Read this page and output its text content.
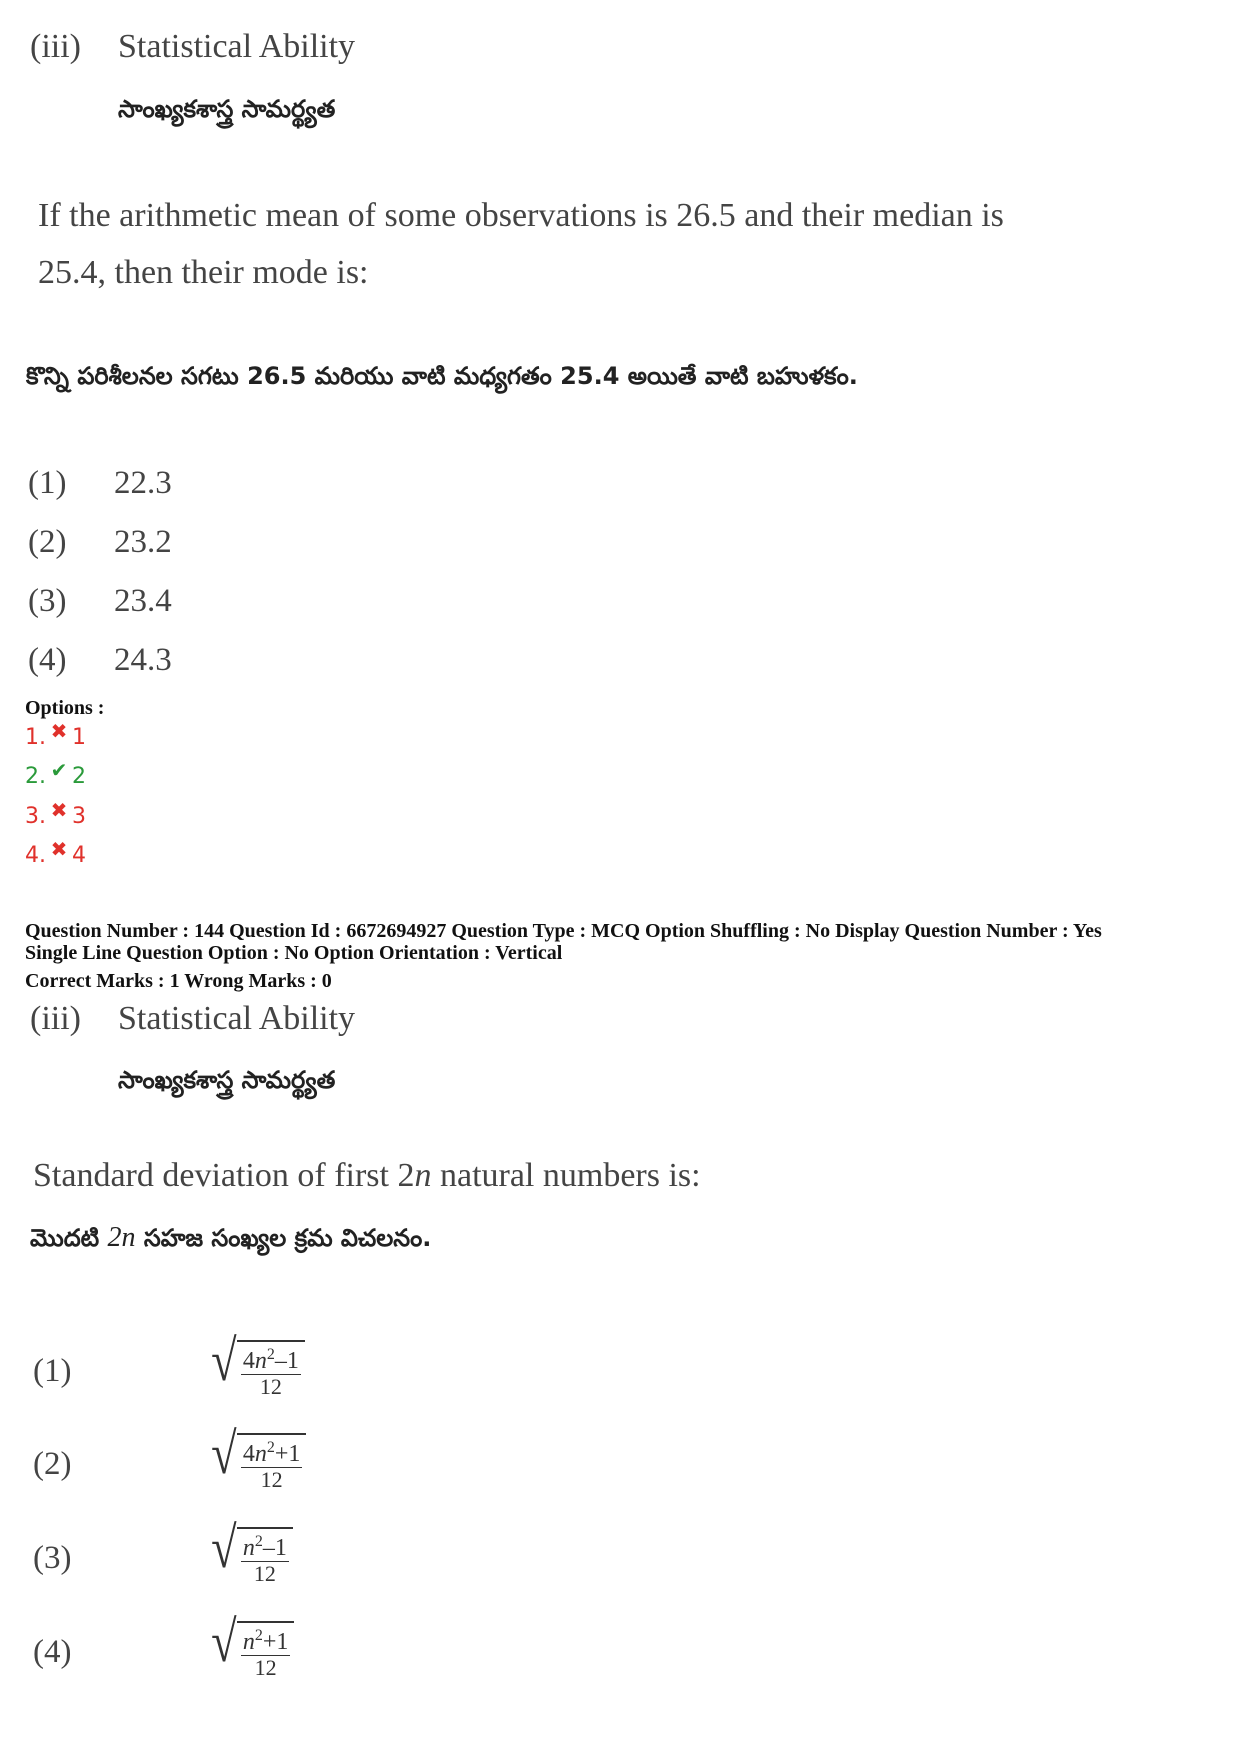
(iii) Statistical Ability
సాంఖ్యకశాస్త్ర సామర్థ్యత
If the arithmetic mean of some observations is 26.5 and their median is
25.4, then their mode is:
కొన్ని పరిశీలనల సగటు 26.5 మరియు వాటి మధ్యగతం 25.4 అయితే వాటి బహుళకం.
(1) 22.3
(2) 23.2
(3) 23.4
(4) 24.3
Options :
1. ✖ 1
2. ✔ 2
3. ✖ 3
4. ✖ 4
Question Number : 144 Question Id : 6672694927 Question Type : MCQ Option Shuffling : No Display Question Number : Yes
Single Line Question Option : No Option Orientation : Vertical
Correct Marks : 1 Wrong Marks : 0
(iii) Statistical Ability
సాంఖ్యకశాస్త్ర సామర్థ్యత
Standard deviation of first 2n natural numbers is:
మొదటి 2n సహజ సంఖ్యల క్రమ విచలనం.
(1) √ $\frac{4n^2-1}{12}$
(2) √ $\frac{4n^2+1}{12}$
(3) √ $\frac{n^2-1}{12}$
(4) √ $\frac{n^2+1}{12}$
